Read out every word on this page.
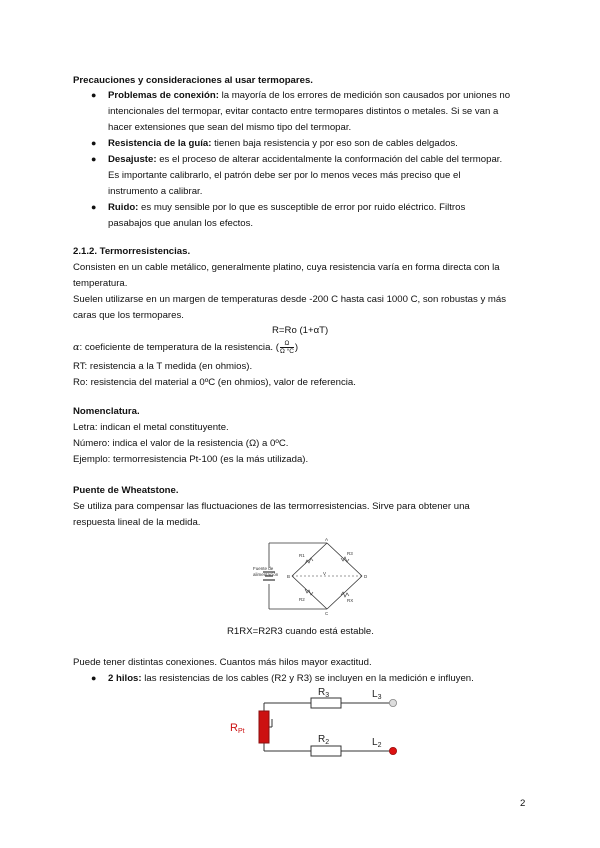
Precauciones y consideraciones al usar termopares.
● Problemas de conexión: la mayoría de los errores de medición son causados por uniones no
intencionales del termopar, evitar contacto entre termopares distintos o metales. Si se van a
hacer extensiones que sean del mismo tipo del termopar.
● Resistencia de la guía: tienen baja resistencia y por eso son de cables delgados.
● Desajuste: es el proceso de alterar accidentalmente la conformación del cable del termopar.
Es importante calibrarlo, el patrón debe ser por lo menos veces más preciso que el
instrumento a calibrar.
● Ruido: es muy sensible por lo que es susceptible de error por ruido eléctrico. Filtros
pasabajos que anulan los efectos.
2.1.2. Termorresistencias.
Consisten en un cable metálico, generalmente platino, cuya resistencia varía en forma directa con la
temperatura.
Suelen utilizarse en un margen de temperaturas desde -200 C hasta casi 1000 C, son robustas y más
caras que los termopares.
R=Ro (1+αT)
α: coeficiente de temperatura de la resistencia. ( $\frac{\Omega}{\Omega ^\circ C}$ )
RT: resistencia a la T medida (en ohmios).
Ro: resistencia del material a 0ºC (en ohmios), valor de referencia.
Nomenclatura.
Letra: indican el metal constituyente.
Número: indica el valor de la resistencia (Ω) a 0ºC.
Ejemplo: termorresistencia Pt-100 (es la más utilizada).
Puente de Wheatstone.
Se utiliza para compensar las fluctuaciones de las termorresistencias. Sirve para obtener una
respuesta lineal de la medida.
Fuente de
alimentación
R1	R3
R2	RX
V
A
B
C
D
R1RX=R2R3 cuando está estable.
Puede tener distintas conexiones. Cuantos más hilos mayor exactitud.
● 2 hilos: las resistencias de los cables (R2 y R3) se incluyen en la medición e influyen.
RPt
$R_3$
$R_2$
$L_3$
$L_2$
2
